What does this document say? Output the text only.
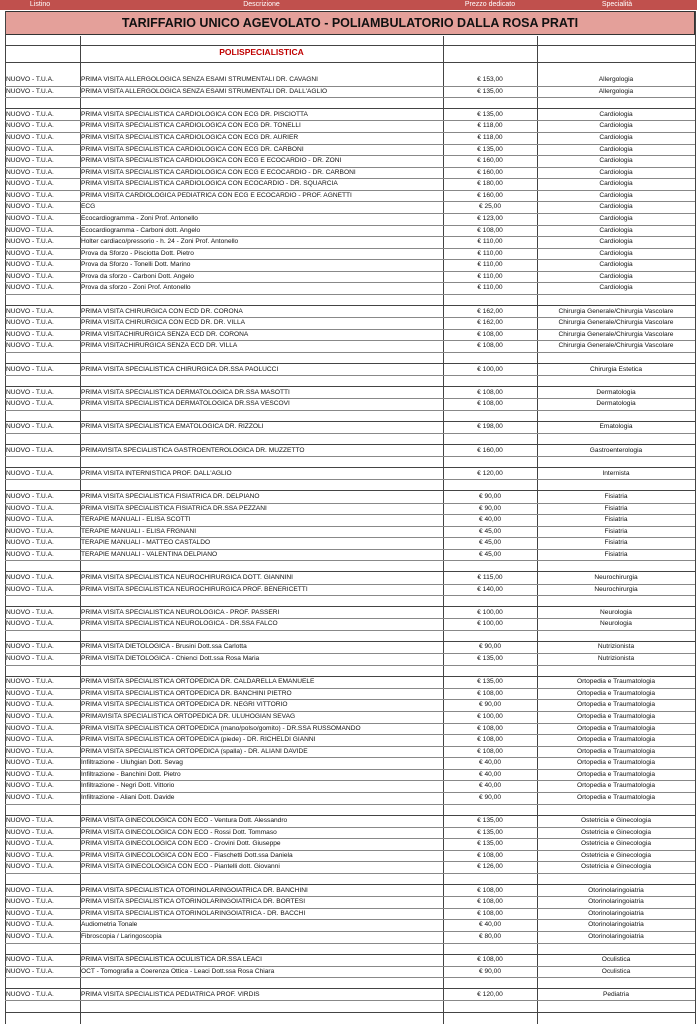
Listino	Descrizione	Prezzo dedicato	Specialità
TARIFFARIO UNICO AGEVOLATO - POLIAMBULATORIO DALLA ROSA PRATI
POLISPECIALISTICA
NUOVO - T.U.A.	PRIMA VISITA ALLERGOLOGICA SENZA ESAMI STRUMENTALI DR. CAVAGNI	€ 153,00	Allergologia
NUOVO - T.U.A.	PRIMA VISITA ALLERGOLOGICA SENZA ESAMI STRUMENTALI DR. DALL'AGLIO	€ 135,00	Allergologia
NUOVO - T.U.A.	PRIMA VISITA SPECIALISTICA CARDIOLOGICA CON ECG DR. PISCIOTTA	€ 135,00	Cardiologia
NUOVO - T.U.A.	PRIMA VISITA SPECIALISTICA CARDIOLOGICA CON ECG DR. TONELLI	€ 118,00	Cardiologia
NUOVO - T.U.A.	PRIMA VISITA SPECIALISTICA CARDIOLOGICA CON ECG DR. AURIER	€ 118,00	Cardiologia
NUOVO - T.U.A.	PRIMA VISITA SPECIALISTICA CARDIOLOGICA CON ECG DR. CARBONI	€ 135,00	Cardiologia
NUOVO - T.U.A.	PRIMA VISITA SPECIALISTICA CARDIOLOGICA CON ECG E ECOCARDIO - DR. ZONI	€ 160,00	Cardiologia
NUOVO - T.U.A.	PRIMA VISITA SPECIALISTICA CARDIOLOGICA CON ECG E ECOCARDIO - DR. CARBONI	€ 160,00	Cardiologia
NUOVO - T.U.A.	PRIMA VISITA SPECIALISTICA CARDIOLOGICA CON ECOCARDIO - DR. SQUARCIA	€ 180,00	Cardiologia
NUOVO - T.U.A.	PRIMA VISITA CARDIOLOGICA PEDIATRICA CON ECG E ECOCARDIO - PROF. AGNETTI	€ 160,00	Cardiologia
NUOVO - T.U.A.	ECG	€ 25,00	Cardiologia
NUOVO - T.U.A.	Ecocardiogramma - Zoni Prof. Antonello	€ 123,00	Cardiologia
NUOVO - T.U.A.	Ecocardiogramma - Carboni dott. Angelo	€ 108,00	Cardiologia
NUOVO - T.U.A.	Holter cardiaco/pressorio - h. 24 - Zoni Prof. Antonello	€ 110,00	Cardiologia
NUOVO - T.U.A.	Prova da Sforzo - Pisciotta Dott. Pietro	€ 110,00	Cardiologia
NUOVO - T.U.A.	Prova da Sforzo - Tonelli Dott. Marino	€ 110,00	Cardiologia
NUOVO - T.U.A.	Prova da sforzo - Carboni Dott. Angelo	€ 110,00	Cardiologia
NUOVO - T.U.A.	Prova da sforzo - Zoni Prof. Antonello	€ 110,00	Cardiologia
NUOVO - T.U.A.	PRIMA VISITA CHIRURGICA CON ECD DR. CORONA	€ 162,00	Chirurgia Generale/Chirurgia Vascolare
NUOVO - T.U.A.	PRIMA VISITA CHIRURGICA CON ECD DR. DR. VILLA	€ 162,00	Chirurgia Generale/Chirurgia Vascolare
NUOVO - T.U.A.	PRIMA VISITACHIRURGICA SENZA ECD DR. CORONA	€ 108,00	Chirurgia Generale/Chirurgia Vascolare
NUOVO - T.U.A.	PRIMA VISITACHIRURGICA SENZA ECD DR. VILLA	€ 108,00	Chirurgia Generale/Chirurgia Vascolare
NUOVO - T.U.A.	PRIMA VISITA SPECIALISTICA CHIRURGICA DR.SSA PAOLUCCI	€ 100,00	Chirurgia Estetica
NUOVO - T.U.A.	PRIMA VISITA SPECIALISTICA DERMATOLOGICA DR.SSA MASOTTI	€ 108,00	Dermatologia
NUOVO - T.U.A.	PRIMA VISITA SPECIALISTICA DERMATOLOGICA DR.SSA VESCOVI	€ 108,00	Dermatologia
NUOVO - T.U.A.	PRIMA VISITA SPECIALISTICA EMATOLOGICA DR. RIZZOLI	€ 198,00	Ematologia
NUOVO - T.U.A.	PRIMAVISITA SPECIALISTICA GASTROENTEROLOGICA DR. MUZZETTO	€ 160,00	Gastroenterologia
NUOVO - T.U.A.	PRIMA VISITA INTERNISTICA PROF. DALL'AGLIO	€ 120,00	Internista
NUOVO - T.U.A.	PRIMA VISITA SPECIALISTICA FISIATRICA DR. DELPIANO	€ 90,00	Fisiatria
NUOVO - T.U.A.	PRIMA VISITA SPECIALISTICA FISIATRICA DR.SSA PEZZANI	€ 90,00	Fisiatria
NUOVO - T.U.A.	TERAPIE MANUALI - ELISA SCOTTI	€ 40,00	Fisiatria
NUOVO - T.U.A.	TERAPIE MANUALI - ELISA FRGNANI	€ 45,00	Fisiatria
NUOVO - T.U.A.	TERAPIE MANUALI - MATTEO CASTALDO	€ 45,00	Fisiatria
NUOVO - T.U.A.	TERAPIE MANUALI - VALENTINA DELPIANO	€ 45,00	Fisiatria
NUOVO - T.U.A.	PRIMA VISITA SPECIALISTICA NEUROCHIRURGICA DOTT. GIANNINI	€ 115,00	Neurochirurgia
NUOVO - T.U.A.	PRIMA VISITA SPECIALISTICA NEUROCHIRURGICA PROF. BENERICETTI	€ 140,00	Neurochirurgia
NUOVO - T.U.A.	PRIMA VISITA SPECIALISTICA NEUROLOGICA - PROF. PASSERI	€ 100,00	Neurologia
NUOVO - T.U.A.	PRIMA VISITA SPECIALISTICA NEUROLOGICA - DR.SSA FALCO	€ 100,00	Neurologia
NUOVO - T.U.A.	PRIMA VISITA DIETOLOGICA - Brusini Dott.ssa Carlotta	€ 90,00	Nutrizionista
NUOVO - T.U.A.	PRIMA VISITA DIETOLOGICA - Chienci Dott.ssa Rosa Maria	€ 135,00	Nutrizionista
NUOVO - T.U.A.	PRIMA VISITA SPECIALISTICA ORTOPEDICA DR. CALDARELLA EMANUELE	€ 135,00	Ortopedia e Traumatologia
NUOVO - T.U.A.	PRIMA VISITA SPECIALISTICA ORTOPEDICA DR. BANCHINI PIETRO	€ 108,00	Ortopedia e Traumatologia
NUOVO - T.U.A.	PRIMA VISITA SPECIALISTICA ORTOPEDICA DR. NEGRI VITTORIO	€ 90,00	Ortopedia e Traumatologia
NUOVO - T.U.A.	PRIMAVISITA SPECIALISTICA ORTOPEDICA DR. ULUHOGIAN SEVAG	€ 100,00	Ortopedia e Traumatologia
NUOVO - T.U.A.	PRIMA VISITA SPECIALISTICA ORTOPEDICA (mano/polso/gomito) - DR.SSA RUSSOMANDO	€ 108,00	Ortopedia e Traumatologia
NUOVO - T.U.A.	PRIMA VISITA SPECIALISTICA ORTOPEDICA (piede) - DR. RICHELDI GIANNI	€ 108,00	Ortopedia e Traumatologia
NUOVO - T.U.A.	PRIMA VISITA SPECIALISTICA ORTOPEDICA (spalla) - DR. ALIANI DAVIDE	€ 108,00	Ortopedia e Traumatologia
NUOVO - T.U.A.	Infiltrazione - Uluhgian Dott. Sevag	€ 40,00	Ortopedia e Traumatologia
NUOVO - T.U.A.	Infiltrazione - Banchini Dott. Pietro	€ 40,00	Ortopedia e Traumatologia
NUOVO - T.U.A.	Infiltrazione - Negri Dott. Vittorio	€ 40,00	Ortopedia e Traumatologia
NUOVO - T.U.A.	Infiltrazione - Aliani Dott. Davide	€ 90,00	Ortopedia e Traumatologia
NUOVO - T.U.A.	PRIMA VISITA GINECOLOGICA CON ECO - Ventura Dott. Alessandro	€ 135,00	Ostetricia e Ginecologia
NUOVO - T.U.A.	PRIMA VISITA GINECOLOGICA CON ECO - Rossi Dott. Tommaso	€ 135,00	Ostetricia e Ginecologia
NUOVO - T.U.A.	PRIMA VISITA GINECOLOGICA CON ECO - Crovini Dott. Giuseppe	€ 135,00	Ostetricia e Ginecologia
NUOVO - T.U.A.	PRIMA VISITA GINECOLOGICA CON ECO - Fiaschetti Dott.ssa Daniela	€ 108,00	Ostetricia e Ginecologia
NUOVO - T.U.A.	PRIMA VISITA GINECOLOGICA CON ECO - Piantelli dott. Giovanni	€ 126,00	Ostetricia e Ginecologia
NUOVO - T.U.A.	PRIMA VISITA SPECIALISTICA OTORINOLARINGOIATRICA DR. BANCHINI	€ 108,00	Otorinolaringoiatria
NUOVO - T.U.A.	PRIMA VISITA SPECIALISTICA OTORINOLARINGOIATRICA DR. BORTESI	€ 108,00	Otorinolaringoiatria
NUOVO - T.U.A.	PRIMA VISITA SPECIALISTICA OTORINOLARINGOIATRICA - DR. BACCHI	€ 108,00	Otorinolaringoiatria
NUOVO - T.U.A.	Audiometria Tonale	€ 40,00	Otorinolaringoiatria
NUOVO - T.U.A.	Fibroscopia / Laringoscopia	€ 80,00	Otorinolaringoiatria
NUOVO - T.U.A.	PRIMA VISITA SPECIALISTICA OCULISTICA DR.SSA LEACI	€ 108,00	Oculistica
NUOVO - T.U.A.	OCT - Tomografia a Coerenza Ottica - Leaci Dott.ssa Rosa Chiara	€ 90,00	Oculistica
NUOVO - T.U.A.	PRIMA VISITA SPECIALISTICA PEDIATRICA PROF. VIRDIS	€ 120,00	Pediatria
